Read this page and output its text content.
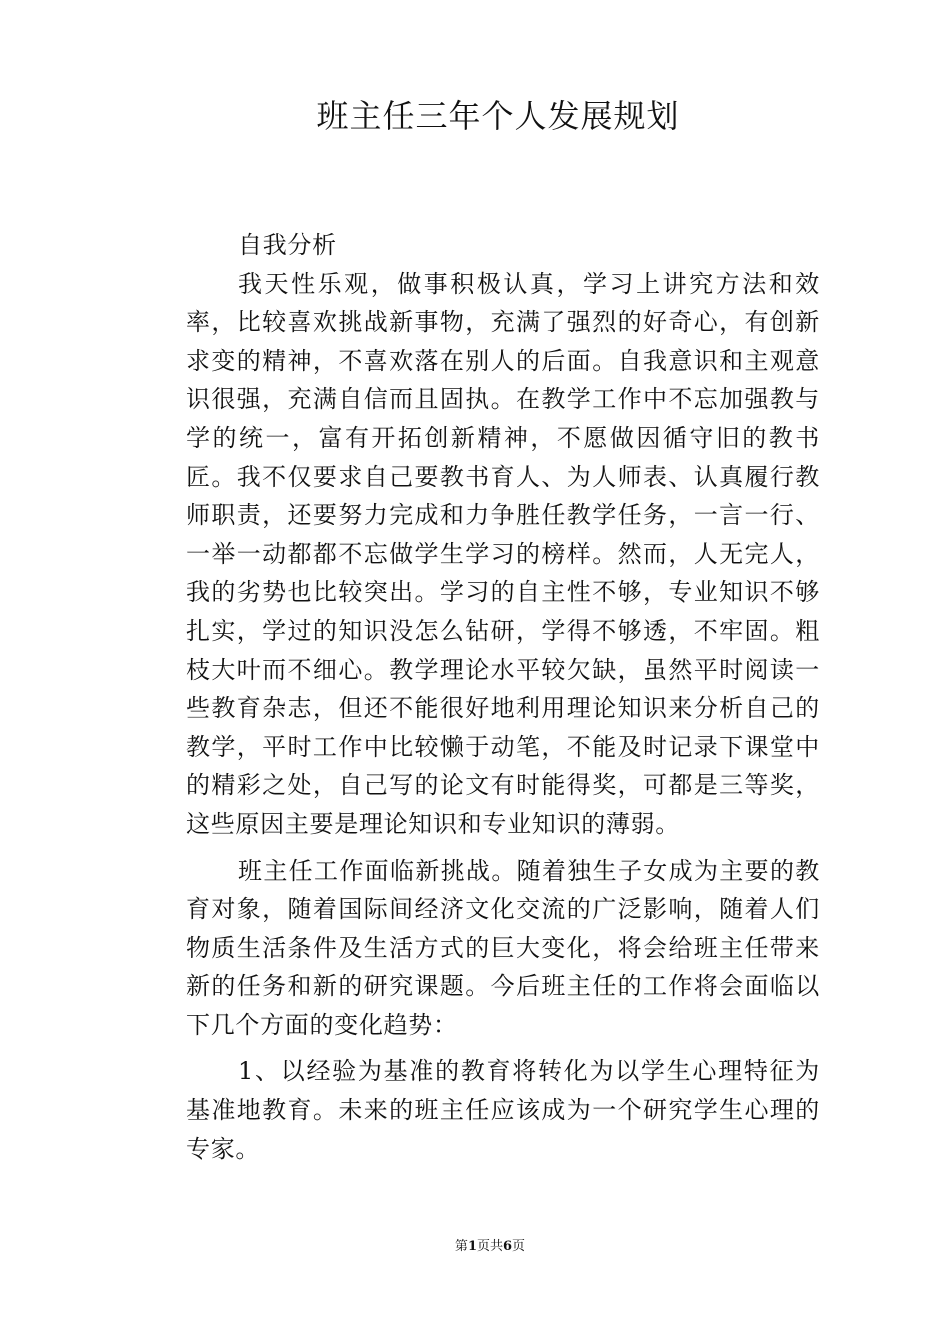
班主任三年个人发展规划

自我分析

我天性乐观，做事积极认真，学习上讲究方法和效率，比较喜欢挑战新事物，充满了强烈的好奇心，有创新求变的精神，不喜欢落在别人的后面。自我意识和主观意识很强，充满自信而且固执。在教学工作中不忘加强教与学的统一，富有开拓创新精神，不愿做因循守旧的教书匠。我不仅要求自己要教书育人、为人师表、认真履行教师职责，还要努力完成和力争胜任教学任务，一言一行、一举一动都都不忘做学生学习的榜样。然而，人无完人，我的劣势也比较突出。学习的自主性不够，专业知识不够扎实，学过的知识没怎么钻研，学得不够透，不牢固。粗枝大叶而不细心。教学理论水平较欠缺，虽然平时阅读一些教育杂志，但还不能很好地利用理论知识来分析自己的教学，平时工作中比较懒于动笔，不能及时记录下课堂中的精彩之处，自己写的论文有时能得奖，可都是三等奖，这些原因主要是理论知识和专业知识的薄弱。

班主任工作面临新挑战。随着独生子女成为主要的教育对象，随着国际间经济文化交流的广泛影响，随着人们物质生活条件及生活方式的巨大变化，将会给班主任带来新的任务和新的研究课题。今后班主任的工作将会面临以下几个方面的变化趋势：

1、以经验为基准的教育将转化为以学生心理特征为基准地教育。未来的班主任应该成为一个研究学生心理的专家。

第1页共6页
